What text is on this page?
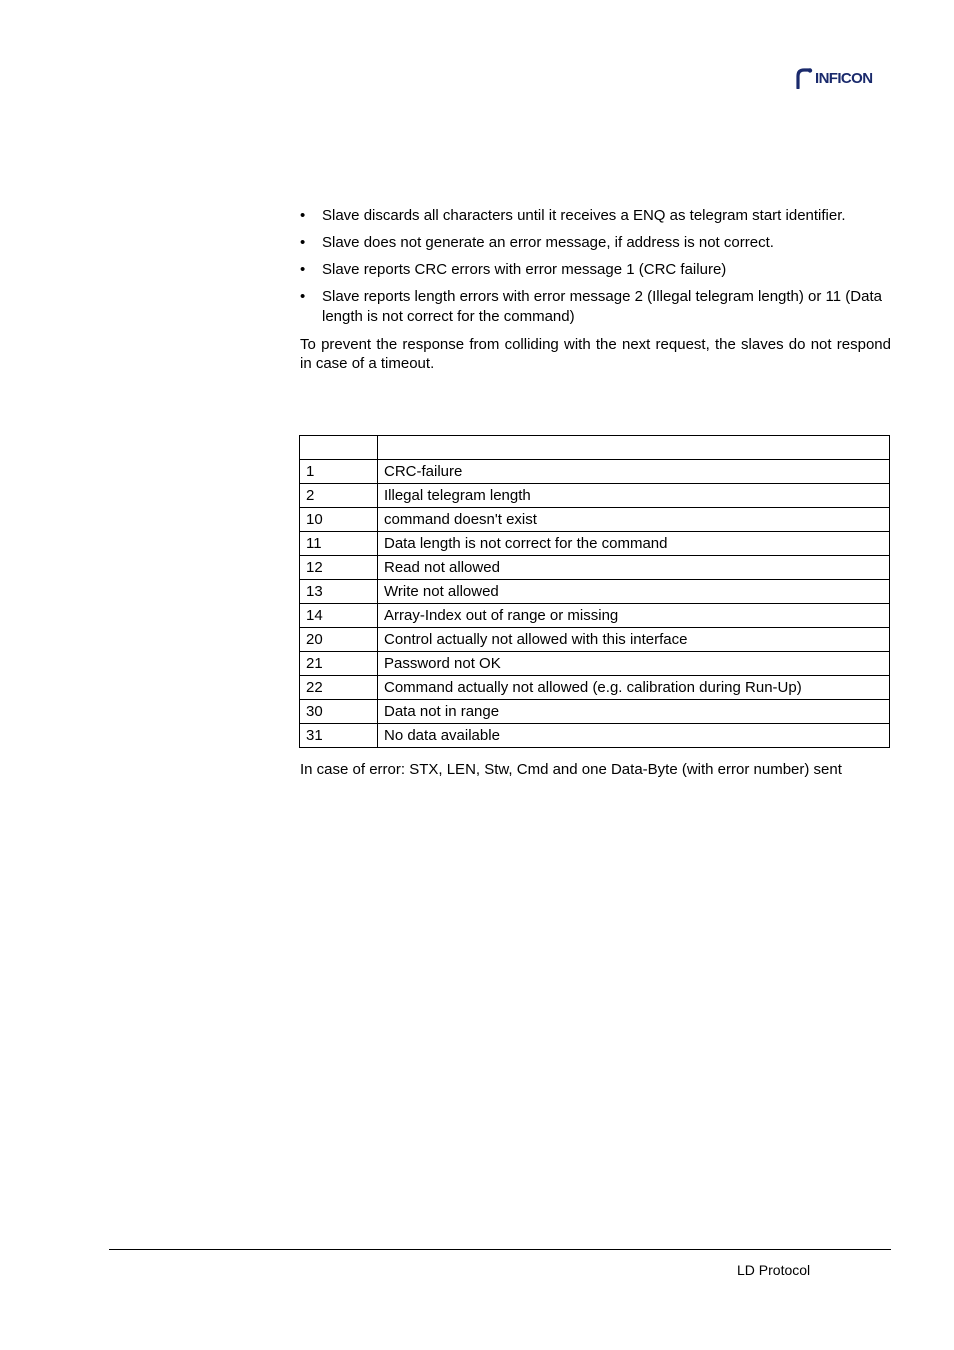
INFICON
• Slave discards all characters until it receives a ENQ as telegram start identifier.
• Slave does not generate an error message, if address is not correct.
• Slave reports CRC errors with error message 1 (CRC failure)
• Slave reports length errors with error message 2 (Illegal telegram length) or 11 (Data length is not correct for the command)

To prevent the response from colliding with the next request, the slaves do not respond in case of a timeout.

1	CRC-failure
2	Illegal telegram length
10	command doesn't exist
11	Data length is not correct for the command
12	Read not allowed
13	Write not allowed
14	Array-Index out of range or missing
20	Control actually not allowed with this interface
21	Password not OK
22	Command actually not allowed (e.g. calibration during Run-Up)
30	Data not in range
31	No data available

In case of error: STX, LEN, Stw, Cmd and one Data-Byte (with error number) sent

LD Protocol
